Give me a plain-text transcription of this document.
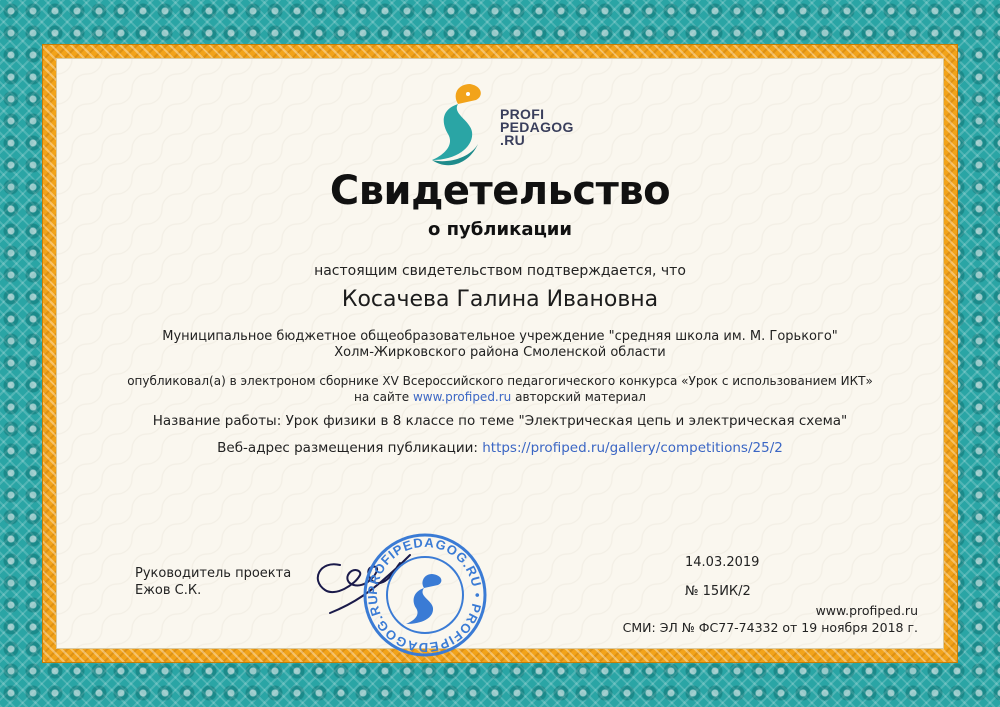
PROFI
PEDAGOG
.RU
Свидетельство
о публикации
настоящим свидетельством подтверждается, что
Косачева Галина Ивановна
Муниципальное бюджетное общеобразовательное учреждение "средняя школа им. М. Горького"
Холм-Жирковского района Смоленской области
опубликовал(а) в электроном сборнике XV Всероссийского педагогического конкурса «Урок с использованием ИКТ»
на сайте www.profiped.ru авторский материал
Название работы: Урок физики в 8 классе по теме "Электрическая цепь и электрическая схема"
Веб-адрес размещения публикации: https://profiped.ru/gallery/competitions/25/2
Руководитель проекта
Ежов С.К.	PROFIPEDAGOG.RU • PROFIPEDAGOG.RU
14.03.2019
№ 15ИК/2
www.profiped.ru
СМИ: ЭЛ № ФС77-74332 от 19 ноября 2018 г.
